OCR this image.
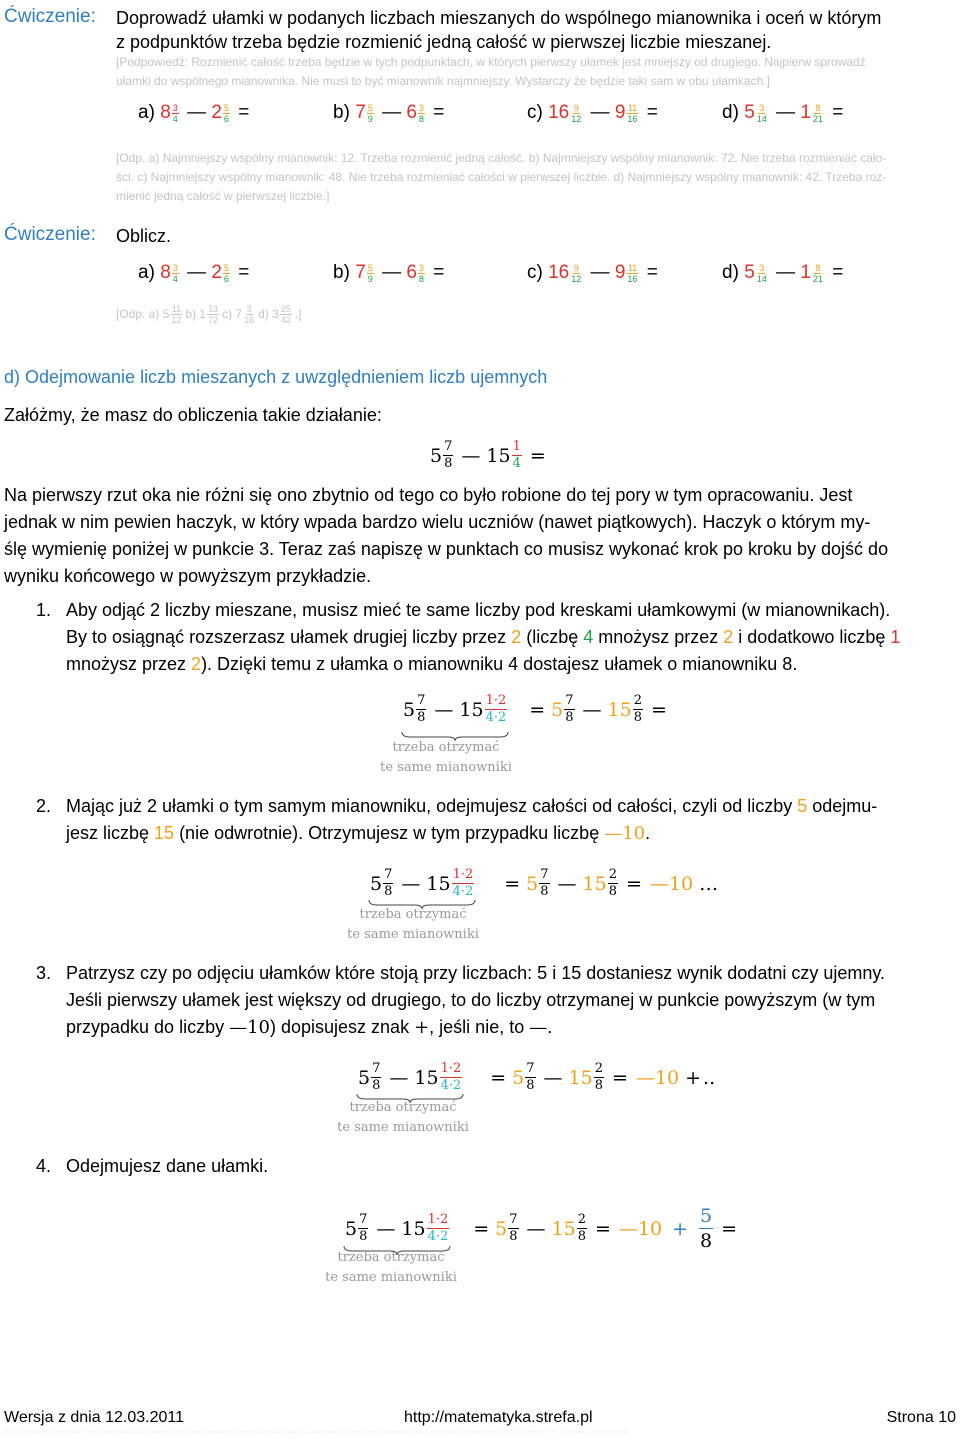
Ćwiczenie: Doprowadź ułamki w podanych liczbach mieszanych do wspólnego mianownika i oceń w którym
z podpunktów trzeba będzie rozmienić jedną całość w pierwszej liczbie mieszanej.
[Podpowiedź: Rozmienić całość trzeba będzie w tych podpunktach, w których pierwszy ułamek jest mniejszy od drugiego. Najpierw sprowadź
ułamki do wspólnego mianownika. Nie musi to być mianownik najmniejszy. Wystarczy że będzie taki sam w obu ułamkach.]
a) $8 \frac{3}{4}$ — $2 \frac{5}{6}$ =	b) $7 \frac{5}{9}$ — $6 \frac{3}{8}$ =	c) $16 \frac{9}{12}$ — $9 \frac{11}{16}$ =	d) $5 \frac{3}{14}$ — $1 \frac{8}{21}$ =
[Odp. a) Najmniejszy wspólny mianownik: 12. Trzeba rozmienić jedną całość. b) Najmniejszy wspólny mianownik: 72. Nie trzeba rozmieniać cało-
ści. c) Najmniejszy wspólny mianownik: 48. Nie trzeba rozmieniać całości w pierwszej liczbie. d) Najmniejszy wspólny mianownik: 42. Trzeba roz-
mienić jedną całość w pierwszej liczbie.]
Ćwiczenie: Oblicz.
a) $8 \frac{3}{4}$ — $2 \frac{5}{6}$ =	b) $7 \frac{5}{9}$ — $6 \frac{3}{8}$ =	c) $16 \frac{9}{12}$ — $9 \frac{11}{16}$ =	d) $5 \frac{3}{14}$ — $1 \frac{8}{21}$ =
[Odp. a) $5 \frac{11}{12} b$) $1 \frac{13}{72} c$) $7 \frac{3}{16} d$) $3 \frac{25}{42}$ .]
d) Odejmowanie liczb mieszanych z uwzględnieniem liczb ujemnych
Załóżmy, że masz do obliczenia takie działanie:
$5 \frac{7}{8}$ — $15 \frac{1}{4}$ =
Na pierwszy rzut oka nie różni się ono zbytnio od tego co było robione do tej pory w tym opracowaniu. Jest
jednak w nim pewien haczyk, w który wpada bardzo wielu uczniów (nawet piątkowych). Haczyk o którym my-
ślę wymienię poniżej w punkcie 3. Teraz zaś napiszę w punktach co musisz wykonać krok po kroku by dojść do
wyniku końcowego w powyższym przykładzie.
1. Aby odjąć 2 liczby mieszane, musisz mieć te same liczby pod kreskami ułamkowymi (w mianownikach).
By to osiągnąć rozszerzasz ułamek drugiej liczby przez 2 (liczbę 4 mnożysz przez 2 i dodatkowo liczbę 1
mnożysz przez 2). Dzięki temu z ułamka o mianowniku 4 dostajesz ułamek o mianowniku 8.
$5 \frac{7}{8}$ — $15 \frac{1\cdot 2}{4\cdot 2} = 5 \frac{7}{8}$ — $15 \frac{2}{8}$ =
trzeba otrzymać
te same mianowniki
2. Mając już 2 ułamki o tym samym mianowniku, odejmujesz całości od całości, czyli od liczby 5 odejmu-
jesz liczbę 15 (nie odwrotnie). Otrzymujesz w tym przypadku liczbę —10.
$5 \frac{7}{8}$ — $15 \frac{1\cdot 2}{4\cdot 2} = 5 \frac{7}{8}$ — $15 \frac{2}{8}$ = —10 …
trzeba otrzymać
te same mianowniki
3. Patrzysz czy po odjęciu ułamków które stoją przy liczbach: 5 i 15 dostaniesz wynik dodatni czy ujemny.
Jeśli pierwszy ułamek jest większy od drugiego, to do liczby otrzymanej w punkcie powyższym (w tym
przypadku do liczby —10) dopisujesz znak +, jeśli nie, to —.
$5 \frac{7}{8}$ — $15 \frac{1\cdot 2}{4\cdot 2} = 5 \frac{7}{8}$ — $15 \frac{2}{8}$ = —10 + ..
trzeba otrzymać
te same mianowniki
4. Odejmujesz dane ułamki.
$5 \frac{7}{8}$ — $15 \frac{1\cdot 2}{4\cdot 2} = 5 \frac{7}{8}$ — $15 \frac{2}{8}$ = —10 + $\frac{5}{8}$ =
trzeba otrzymać
te same mianowniki
Wersja z dnia 12.03.2011	http://matematyka.strefa.pl	Strona 10
Ten utwór jest dostępny na licencji Creative Commons Uznanie autorstwa-Użycie niekomercyjne-Na tych samych warunkach 3.0 Unported. Aby zapoznać się z kopią licencji, odwiedź stronę http://creativecommons.org/licenses/by-nc-sa/3.0/ lub wyślij list na adres Creative Commons, 171 Second Street, Suite 300, San Francisco, California, 94105, USA.
